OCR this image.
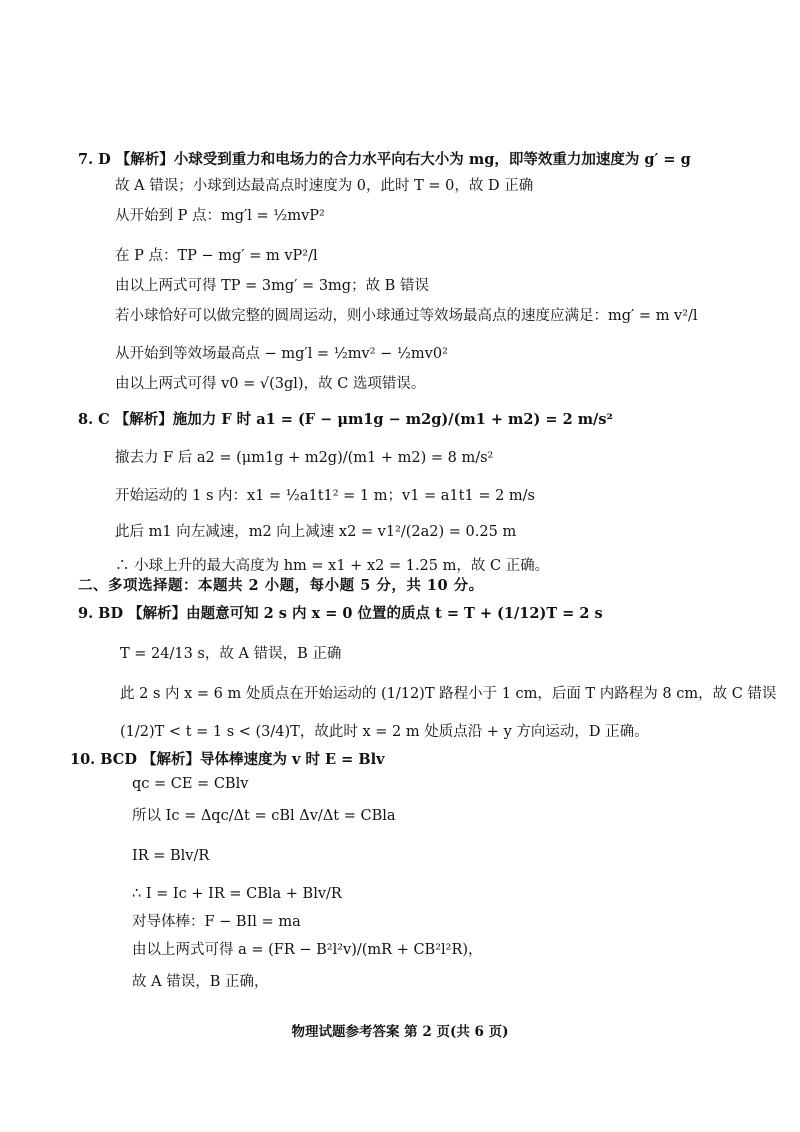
7. D 【解析】小球受到重力和电场力的合力水平向右大小为 mg，即等效重力加速度为 g′ = g
故 A 错误；小球到达最高点时速度为 0，此时 T = 0，故 D 正确
从开始到 P 点：mg′l = ½mvP²
在 P 点：TP − mg′ = m vP²/l
由以上两式可得 TP = 3mg′ = 3mg；故 B 错误
若小球恰好可以做完整的圆周运动，则小球通过等效场最高点的速度应满足：mg′ = m v²/l
从开始到等效场最高点 − mg′l = ½mv² − ½mv0²
由以上两式可得 v0 = √(3gl)，故 C 选项错误。
8. C 【解析】施加力 F 时 a1 = (F − μm1g − m2g)/(m1 + m2) = 2 m/s²
撤去力 F 后 a2 = (μm1g + m2g)/(m1 + m2) = 8 m/s²
开始运动的 1 s 内：x1 = ½a1t1² = 1 m；v1 = a1t1 = 2 m/s
此后 m1 向左减速，m2 向上减速 x2 = v1²/(2a2) = 0.25 m
∴ 小球上升的最大高度为 hm = x1 + x2 = 1.25 m，故 C 正确。
二、多项选择题：本题共 2 小题，每小题 5 分，共 10 分。
9. BD 【解析】由题意可知 2 s 内 x = 0 位置的质点 t = T + (1/12)T = 2 s
T = 24/13 s，故 A 错误，B 正确
此 2 s 内 x = 6 m 处质点在开始运动的 (1/12)T 路程小于 1 cm，后面 T 内路程为 8 cm，故 C 错误
(1/2)T < t = 1 s < (3/4)T，故此时 x = 2 m 处质点沿 + y 方向运动，D 正确。
10. BCD 【解析】导体棒速度为 v 时 E = Blv
qc = CE = CBlv
所以 Ic = Δqc/Δt = cBl Δv/Δt = CBla
IR = Blv/R
∴ I = Ic + IR = CBla + Blv/R
对导体棒：F − BIl = ma
由以上两式可得 a = (FR − B²l²v)/(mR + CB²l²R)，
故 A 错误，B 正确，
物理试题参考答案 第 2 页(共 6 页)
